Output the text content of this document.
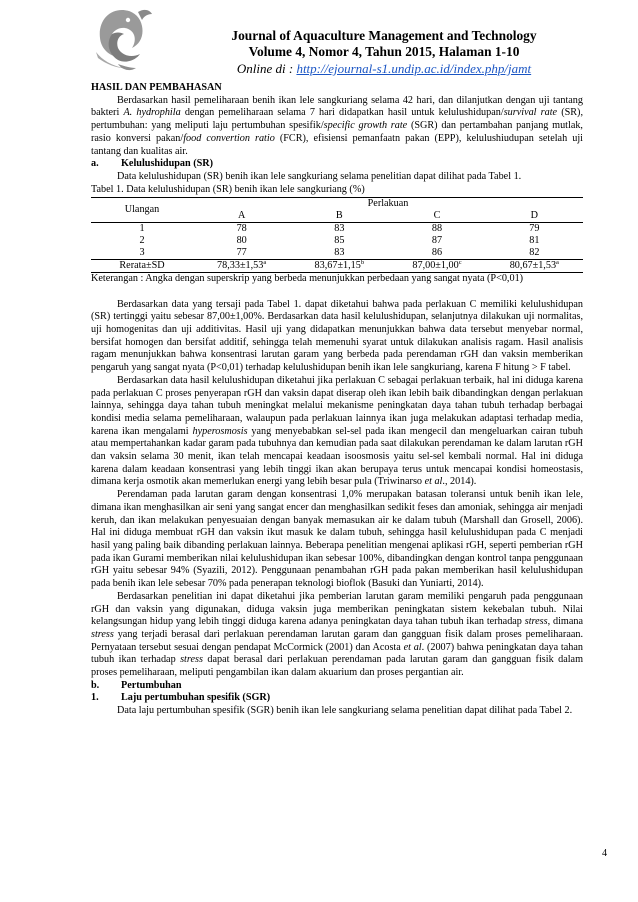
Journal of Aquaculture Management and Technology
Volume 4, Nomor 4, Tahun 2015, Halaman 1-10
Online di : http://ejournal-s1.undip.ac.id/index.php/jamt

HASIL DAN PEMBAHASAN

Berdasarkan hasil pemeliharaan benih ikan lele sangkuriang selama 42 hari, dan dilanjutkan dengan uji tantang bakteri A. hydrophila dengan pemeliharaan selama 7 hari didapatkan hasil untuk kelulushidupan/survival rate (SR), pertumbuhan: yang meliputi laju pertumbuhan spesifik/specific growth rate (SGR) dan pertambahan panjang mutlak, rasio konversi pakan/food convertion ratio (FCR), efisiensi pemanfaatn pakan (EPP), kelulushiudupan setelah uji tantang dan kualitas air.

a.	Kelulushidupan (SR)

Data kelulushidupan (SR) benih ikan lele sangkuriang selama penelitian dapat dilihat pada Tabel 1.

Tabel 1. Data kelulushidupan (SR) benih ikan lele sangkuriang (%)

Ulangan	Perlakuan			
	A	B	C	D
1	78	83	88	79
2	80	85	87	81
3	77	83	86	82
Rerata±SD	78,33±1,53$^a$	83,67±1,15$^b$	87,00±1,00$^c$	80,67±1,53$^a$

Keterangan : Angka dengan superskrip yang berbeda menunjukkan perbedaan yang sangat nyata (P<0,01)

Berdasarkan data yang tersaji pada Tabel 1. dapat diketahui bahwa pada perlakuan C memiliki kelulushidupan (SR) tertinggi yaitu sebesar 87,00±1,00%. Berdasarkan data hasil kelulushidupan, selanjutnya dilakukan uji normalitas, uji homogenitas dan uji additivitas. Hasil uji yang didapatkan menunjukkan bahwa data tersebut menyebar normal, bersifat homogen dan bersifat additif, sehingga telah memenuhi syarat untuk dilakukan analisis ragam. Hasil analisis ragam menunjukkan bahwa konsentrasi larutan garam yang berbeda pada perendaman rGH dan vaksin memberikan pengaruh yang sangat nyata (P<0,01) terhadap kelulushidupan benih ikan lele sangkuriang, karena F hitung > F tabel.

Berdasarkan data hasil kelulushidupan diketahui jika perlakuan C sebagai perlakuan terbaik, hal ini diduga karena pada perlakuan C proses penyerapan rGH dan vaksin dapat diserap oleh ikan lebih baik dibandingkan dengan perlakuan lainnya, sehingga daya tahan tubuh meningkat melalui mekanisme peningkatan daya tahan tubuh terhadap berbagai kondisi media selama pemeliharaan, walaupun pada perlakuan lainnya ikan juga melakukan adaptasi terhadap media, karena ikan mengalami hyperosmosis yang menyebabkan sel-sel pada ikan mengecil dan mengeluarkan cairan tubuh atau mempertahankan kadar garam pada tubuhnya dan kemudian pada saat dilakukan perendaman ke dalam larutan rGH dan vaksin selama 30 menit, ikan telah mencapai keadaan isoosmosis yaitu sel-sel kembali normal. Hal ini diduga karena dalam keadaan konsentrasi yang lebih tinggi ikan akan berupaya terus untuk mencapai kondisi homeostasis, dimana kerja osmotik akan memerlukan energi yang lebih besar pula (Triwinarso et al., 2014).

Perendaman pada larutan garam dengan konsentrasi 1,0% merupakan batasan toleransi untuk benih ikan lele, dimana ikan menghasilkan air seni yang sangat encer dan menghasilkan sedikit feses dan amoniak, sehingga air menjadi keruh, dan ikan melakukan penyesuaian dengan banyak memasukan air ke dalam tubuh (Marshall dan Grosell, 2006). Hal ini diduga membuat rGH dan vaksin ikut masuk ke dalam tubuh, sehingga hasil kelulushidupan pada C menjadi hasil yang paling baik dibanding perlakuan lainnya. Beberapa penelitian mengenai aplikasi rGH, seperti pemberian rGH pada ikan Gurami memberikan nilai kelulushidupan ikan sebesar 100%, dibandingkan dengan kontrol tanpa penggunaan rGH yaitu sebesar 94% (Syazili, 2012). Penggunaan penambahan rGH pada pakan memberikan hasil kelulushidupan pada benih ikan lele sebesar 70% pada penerapan teknologi bioflok (Basuki dan Yuniarti, 2014).

Berdasarkan penelitian ini dapat diketahui jika pemberian larutan garam memiliki pengaruh pada penggunaan rGH dan vaksin yang digunakan, diduga vaksin juga memberikan peningkatan sistem kekebalan tubuh. Nilai kelangsungan hidup yang lebih tinggi diduga karena adanya peningkatan daya tahan tubuh ikan terhadap stress, dimana stress yang terjadi berasal dari perlakuan perendaman larutan garam dan gangguan fisik dalam proses pemeliharaan. Pernyataan tersebut sesuai dengan pendapat McCormick (2001) dan Acosta et al. (2007) bahwa peningkatan daya tahan tubuh ikan terhadap stress dapat berasal dari perlakuan perendaman pada larutan garam dan gangguan fisik dalam proses pemeliharaan, meliputi pengambilan ikan dalam akuarium dan proses pergantian air.

b.	Pertumbuhan
1.	Laju pertumbuhan spesifik (SGR)

Data laju pertumbuhan spesifik (SGR) benih ikan lele sangkuriang selama penelitian dapat dilihat pada Tabel 2.

4
